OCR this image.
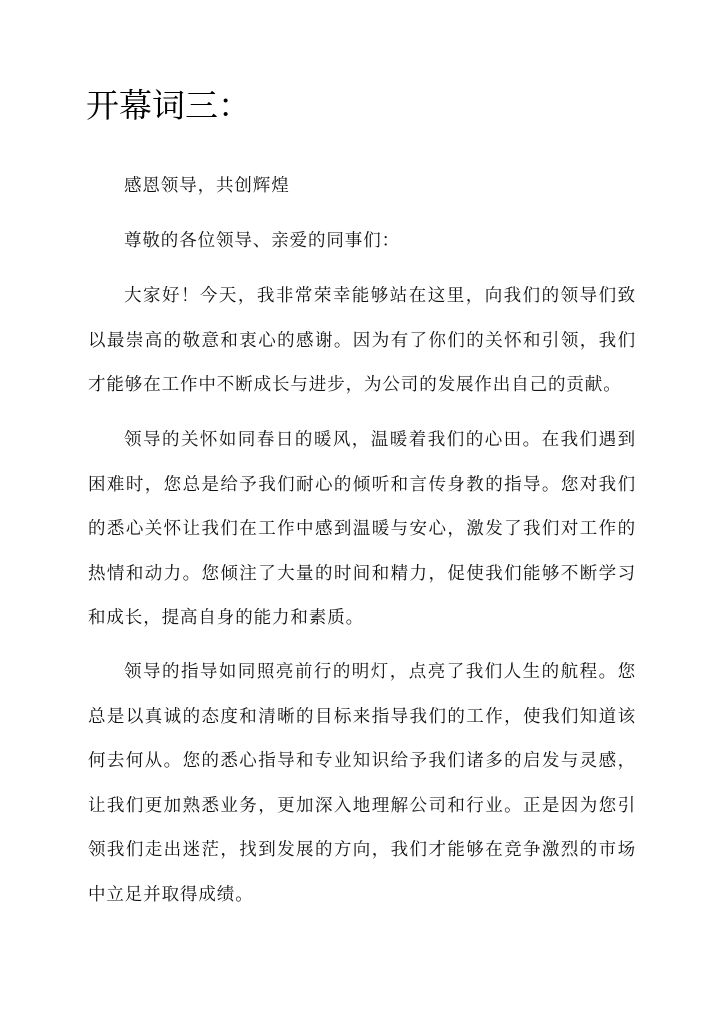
开幕词三：

感恩领导，共创辉煌

尊敬的各位领导、亲爱的同事们：

大家好！今天，我非常荣幸能够站在这里，向我们的领导们致以最崇高的敬意和衷心的感谢。因为有了你们的关怀和引领，我们才能够在工作中不断成长与进步，为公司的发展作出自己的贡献。

领导的关怀如同春日的暖风，温暖着我们的心田。在我们遇到困难时，您总是给予我们耐心的倾听和言传身教的指导。您对我们的悉心关怀让我们在工作中感到温暖与安心，激发了我们对工作的热情和动力。您倾注了大量的时间和精力，促使我们能够不断学习和成长，提高自身的能力和素质。

领导的指导如同照亮前行的明灯，点亮了我们人生的航程。您总是以真诚的态度和清晰的目标来指导我们的工作，使我们知道该何去何从。您的悉心指导和专业知识给予我们诸多的启发与灵感，让我们更加熟悉业务，更加深入地理解公司和行业。正是因为您引领我们走出迷茫，找到发展的方向，我们才能够在竞争激烈的市场中立足并取得成绩。
